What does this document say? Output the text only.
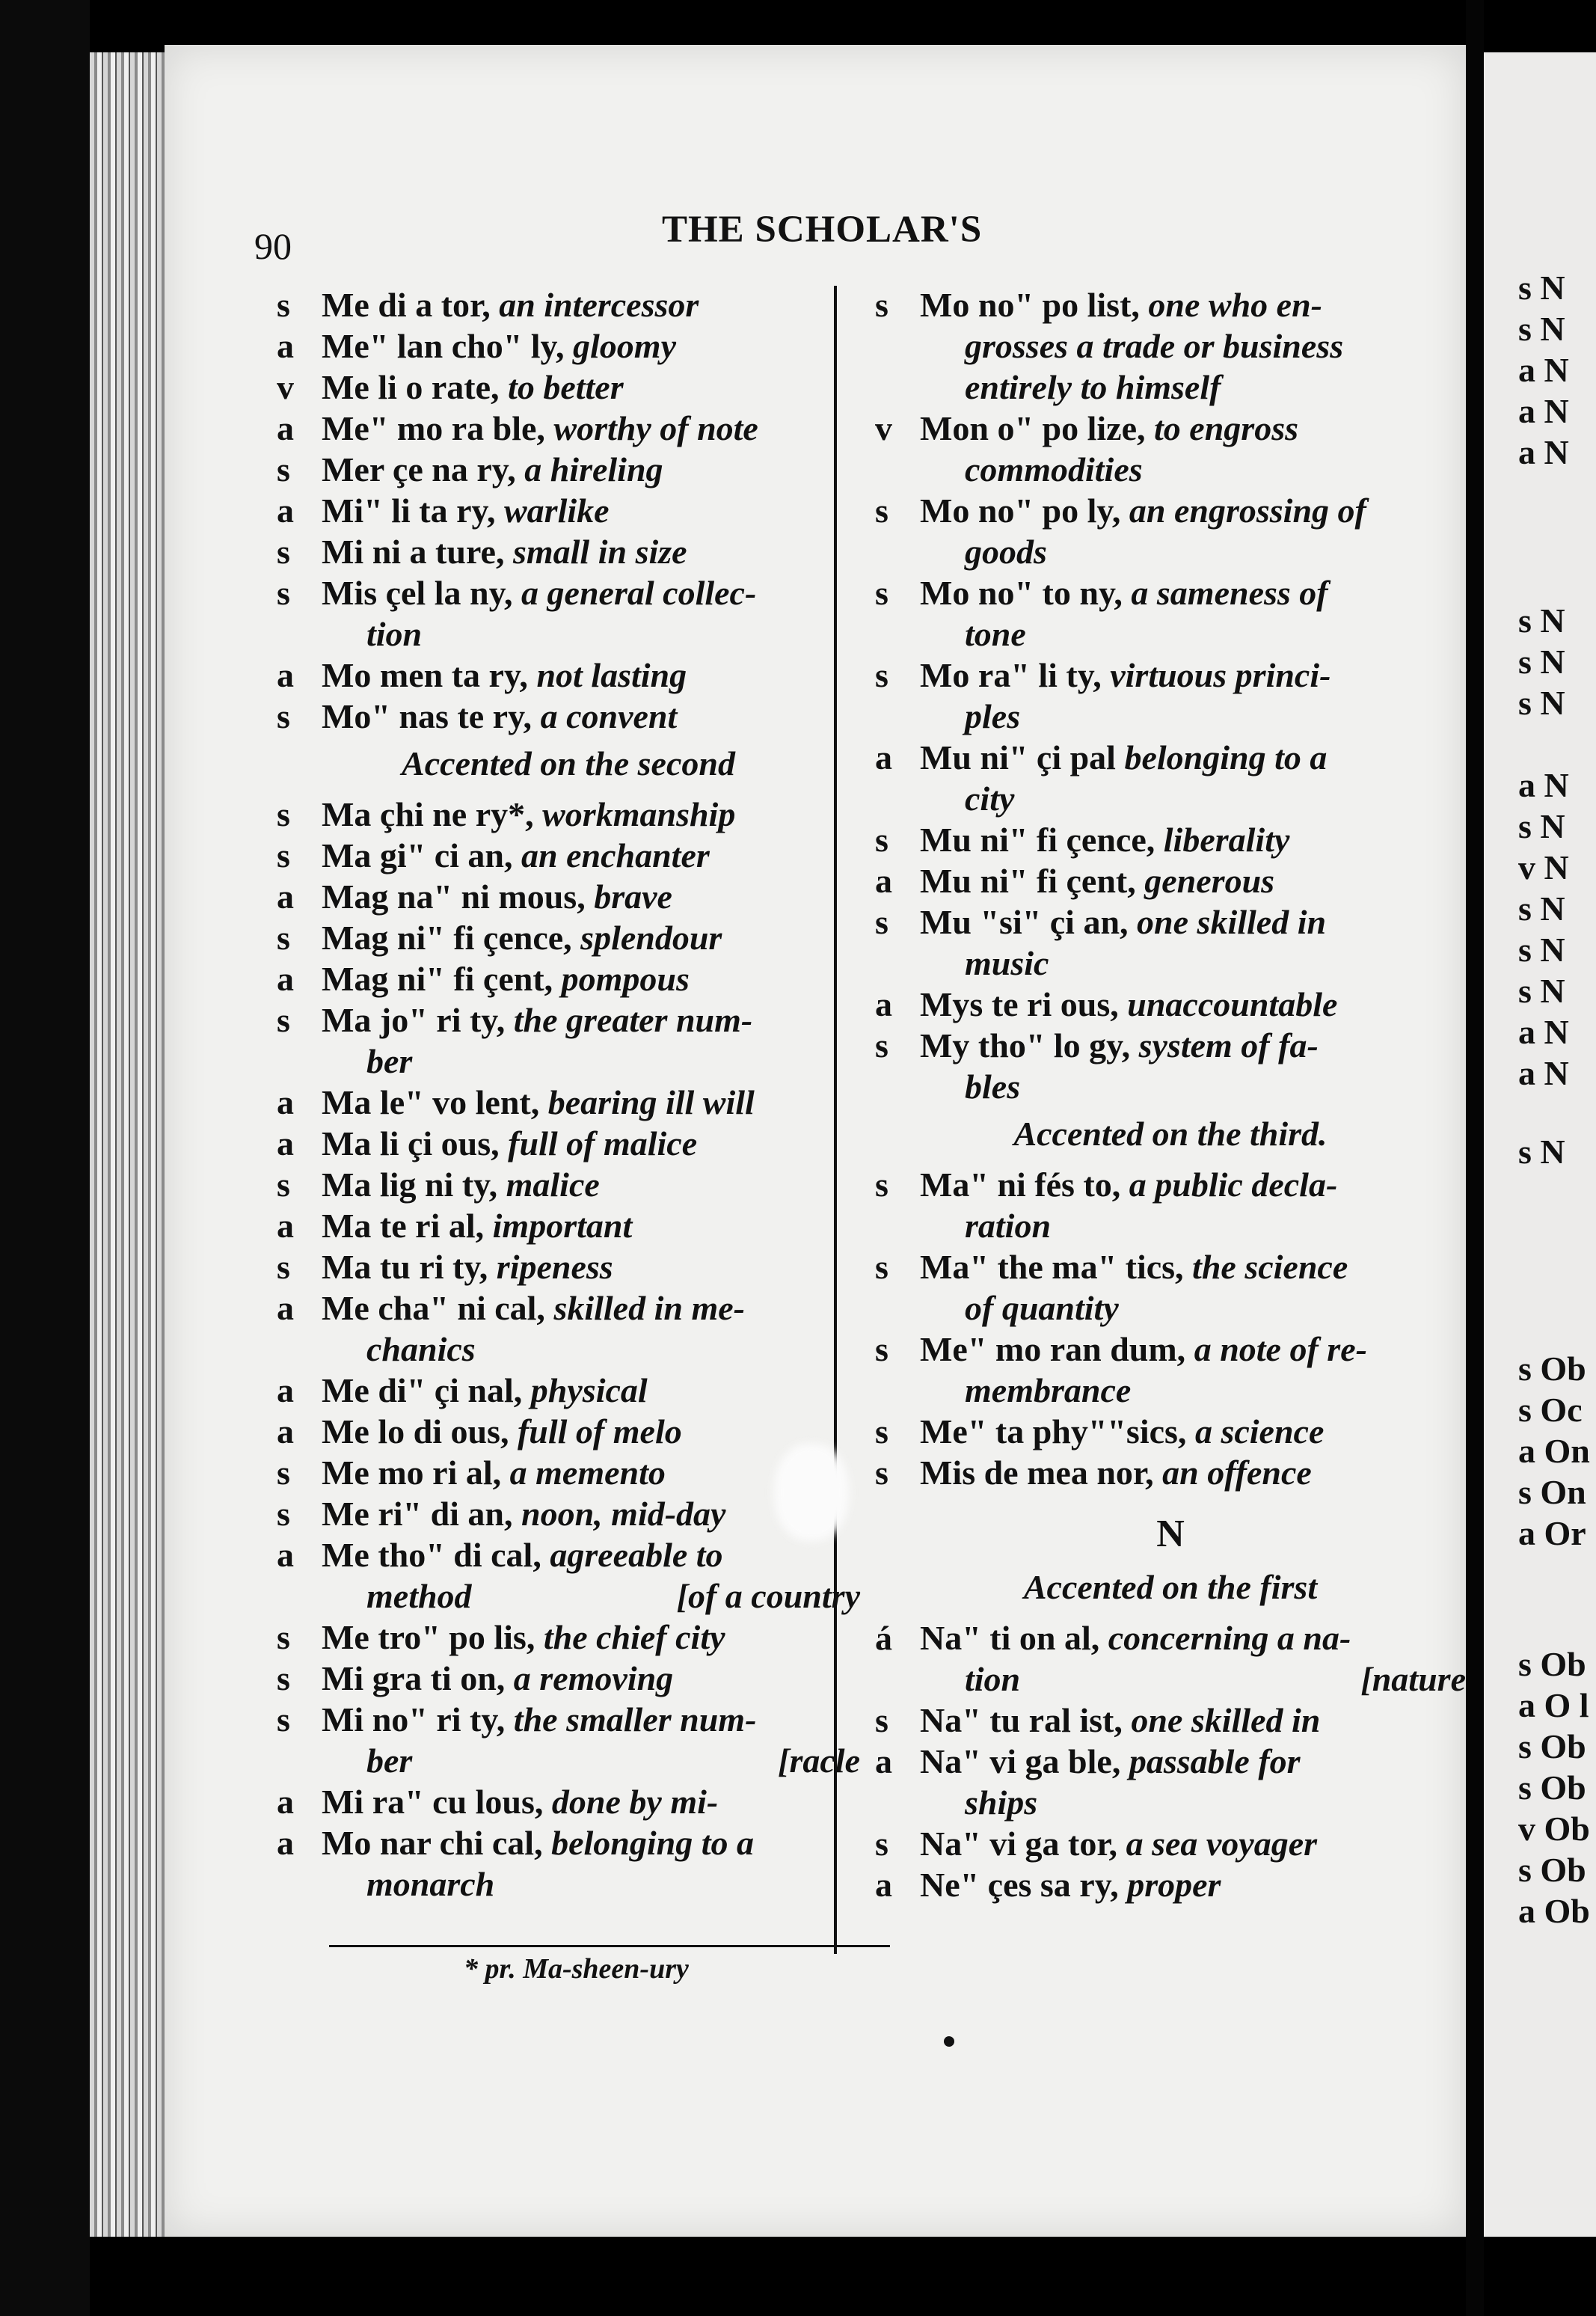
90	THE SCHOLAR'S
s Me di a tor, an intercessor
a Me" lan cho" ly, gloomy
v Me li o rate, to better
a Me" mo ra ble, worthy of note
s Mer çe na ry, a hireling
a Mi" li ta ry, warlike
s Mi ni a ture, small in size
s Mis çel la ny, a general collec-
tion
a Mo men ta ry, not lasting
s Mo" nas te ry, a convent
Accented on the second
s Ma çhi ne ry*, workmanship
s Ma gi" ci an, an enchanter
a Mag na" ni mous, brave
s Mag ni" fi çence, splendour
a Mag ni" fi çent, pompous
s Ma jo" ri ty, the greater num-
ber
a Ma le" vo lent, bearing ill will
a Ma li çi ous, full of malice
s Ma lig ni ty, malice
a Ma te ri al, important
s Ma tu ri ty, ripeness
a Me cha" ni cal, skilled in me-
chanics
a Me di" çi nal, physical
a Me lo di ous, full of melo
s Me mo ri al, a memento
s Me ri" di an, noon, mid-day
a Me tho" di cal, agreeable to
method	[of a country
s Me tro" po lis, the chief city
s Mi gra ti on, a removing
s Mi no" ri ty, the smaller num-
ber	[racle
a Mi ra" cu lous, done by mi-
a Mo nar chi cal, belonging to a
monarch
s Mo no" po list, one who en-
grosses a trade or business
entirely to himself
v Mon o" po lize, to engross
commodities
s Mo no" po ly, an engrossing of
goods
s Mo no" to ny, a sameness of
tone
s Mo ra" li ty, virtuous princi-
ples
a Mu ni" çi pal belonging to a
city
s Mu ni" fi çence, liberality
a Mu ni" fi çent, generous
s Mu "si" çi an, one skilled in
music
a Mys te ri ous, unaccountable
s My tho" lo gy, system of fa-
bles
Accented on the third.
s Ma" ni fés to, a public decla-
ration
s Ma" the ma" tics, the science
of quantity
s Me" mo ran dum, a note of re-
membrance
s Me" ta phy""sics, a science
s Mis de mea nor, an offence
N
Accented on the first
á Na" ti on al, concerning a na-
tion	[nature
s Na" tu ral ist, one skilled in
a Na" vi ga ble, passable for
ships
s Na" vi ga tor, a sea voyager
a Ne" çes sa ry, proper
* pr. Ma-sheen-ury
s N
s N
a N
a N
a N
s N
s N
s N
a N
s N
v N
s N
s N
s N
a N
a N
s N
s Ob
s Oc
a On
s On
a Or
s Ob
a O l
s Ob
s Ob
v Ob
s Ob
a Ob
